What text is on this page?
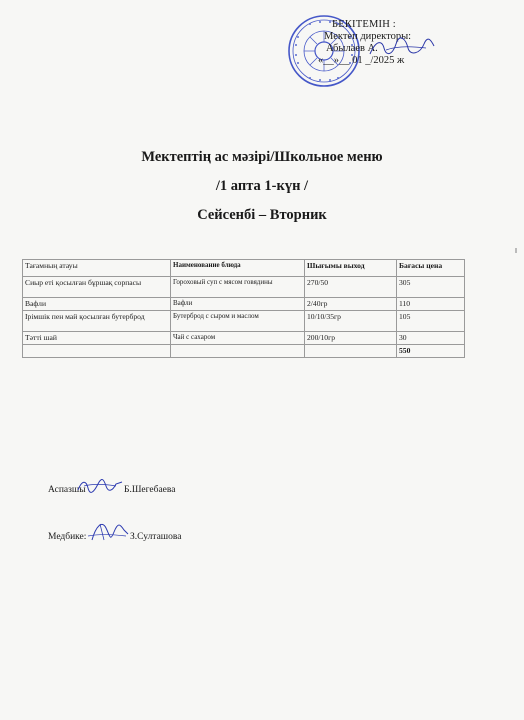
БЕКІТЕМІН :
Мектеп директоры:
Абылаев А.
«__»__ 01 _/2025 ж
Мектептің ас мәзірі/Школьное меню
/1 апта 1-күн /
Сейсенбі – Вторник
Тағамның атауы	Наименование блюда	Шығымы выход	Бағасы цена
Сиыр еті қосылған бұршақ сорпасы	Гороховый суп с мясом говядины	270/50	305
Вафли	Вафли	2/40гр	110
Ірімшік пен май қосылған бутерброд	Бутерброд с сыром и маслом	10/10/35гр	105
Тәтті шай	Чай с сахаром	200/10гр	30
			550
Аспазшы	Б.Шегебаева
Медбике:	З.Султашова
